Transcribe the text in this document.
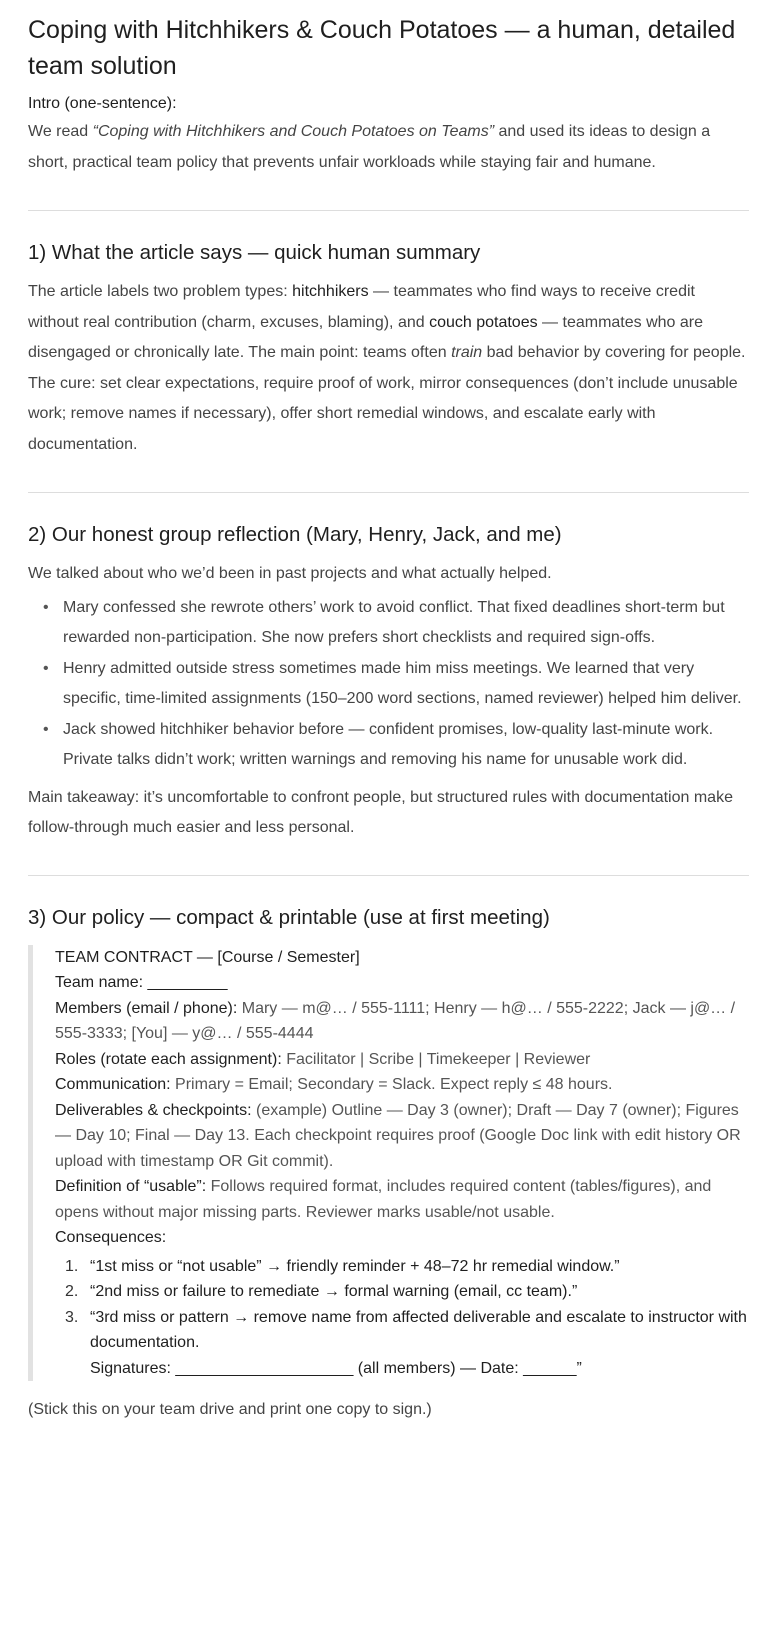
Coping with Hitchhikers & Couch Potatoes — a human, detailed team solution
Intro (one-sentence):

We read “Coping with Hitchhikers and Couch Potatoes on Teams” and used its ideas to design a short, practical team policy that prevents unfair workloads while staying fair and humane.

1) What the article says — quick human summary

The article labels two problem types: hitchhikers — teammates who find ways to receive credit without real contribution (charm, excuses, blaming), and couch potatoes — teammates who are disengaged or chronically late. The main point: teams often train bad behavior by covering for people. The cure: set clear expectations, require proof of work, mirror consequences (don’t include unusable work; remove names if necessary), offer short remedial windows, and escalate early with documentation.

2) Our honest group reflection (Mary, Henry, Jack, and me)

We talked about who we’d been in past projects and what actually helped.

• Mary confessed she rewrote others’ work to avoid conflict. That fixed deadlines short-term but rewarded non-participation. She now prefers short checklists and required sign-offs.
• Henry admitted outside stress sometimes made him miss meetings. We learned that very specific, time-limited assignments (150–200 word sections, named reviewer) helped him deliver.
• Jack showed hitchhiker behavior before — confident promises, low-quality last-minute work. Private talks didn’t work; written warnings and removing his name for unusable work did.

Main takeaway: it’s uncomfortable to confront people, but structured rules with documentation make follow-through much easier and less personal.

3) Our policy — compact & printable (use at first meeting)
TEAM CONTRACT — [Course / Semester]
Team name: _________
Members (email / phone): Mary — m@… / 555-1111; Henry — h@… / 555-2222; Jack — j@… / 555-3333; [You] — y@… / 555-4444
Roles (rotate each assignment): Facilitator | Scribe | Timekeeper | Reviewer
Communication: Primary = Email; Secondary = Slack. Expect reply ≤ 48 hours.
Deliverables & checkpoints: (example) Outline — Day 3 (owner); Draft — Day 7 (owner); Figures — Day 10; Final — Day 13. Each checkpoint requires proof (Google Doc link with edit history OR upload with timestamp OR Git commit).
Definition of “usable”: Follows required format, includes required content (tables/figures), and opens without major missing parts. Reviewer marks usable/not usable.
Consequences:
1. “1st miss or “not usable” → friendly reminder + 48–72 hr remedial window.”
2. “2nd miss or failure to remediate → formal warning (email, cc team).”
3. “3rd miss or pattern → remove name from affected deliverable and escalate to instructor with documentation.
Signatures: ____________________ (all members) — Date: ______”

(Stick this on your team drive and print one copy to sign.)
